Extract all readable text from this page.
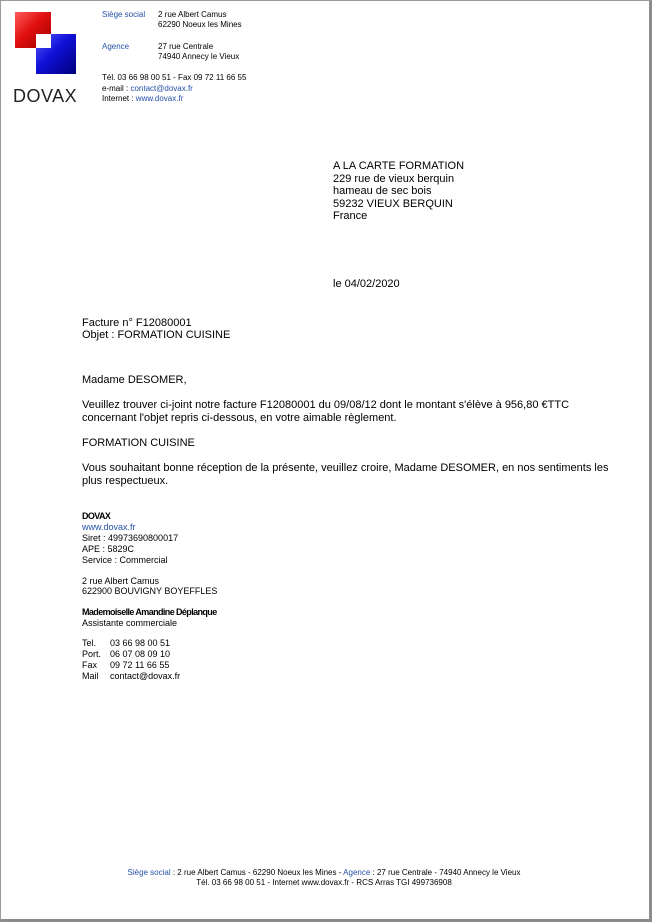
DOVAX
Siège social 2 rue Albert Camus
62290 Noeux les Mines
Agence	27 rue Centrale
74940 Annecy le Vieux
Tél. 03 66 98 00 51 - Fax 09 72 11 66 55
e-mail : contact@dovax.fr
Internet : www.dovax.fr
A LA CARTE FORMATION
229 rue de vieux berquin
hameau de sec bois
59232 VIEUX BERQUIN
France
le 04/02/2020
Facture n° F12080001
Objet : FORMATION CUISINE
Madame DESOMER,
Veuillez trouver ci-joint notre facture F12080001 du 09/08/12 dont le montant s'élève à 956,80 €TTC
concernant l'objet repris ci-dessous, en votre aimable règlement.
FORMATION CUISINE
Vous souhaitant bonne réception de la présente, veuillez croire, Madame DESOMER, en nos sentiments les
plus respectueux.
DOVAX
www.dovax.fr
Siret : 49973690800017
APE : 5829C
Service : Commercial
2 rue Albert Camus
622900 BOUVIGNY BOYEFFLES
Mademoiselle Amandine Déplanque
Assistante commerciale
Tel. 03 66 98 00 51
Port. 06 07 08 09 10
Fax 09 72 11 66 55
Mail contact@dovax.fr
Siège social : 2 rue Albert Camus - 62290 Noeux les Mines - Agence : 27 rue Centrale - 74940 Annecy le Vieux
Tél. 03 66 98 00 51 - Internet www.dovax.fr - RCS Arras TGI 499736908
